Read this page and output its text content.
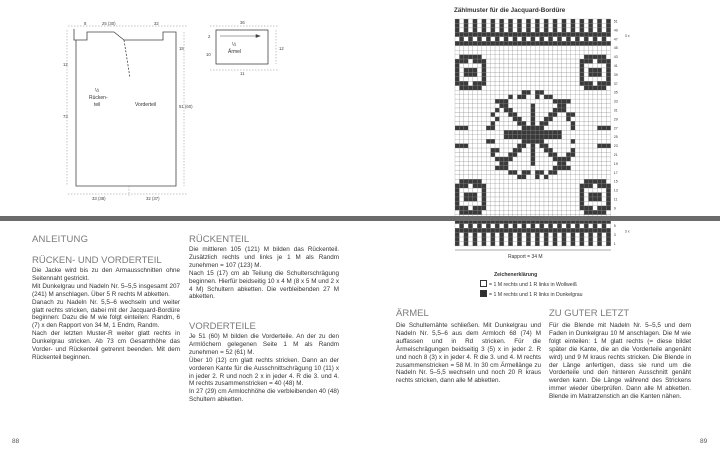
8	25 (30)	32
33 (38)	32 (37)
12
73
51 (60)
15
½
Rücken-
teil	Vorderteil
36
11
2
10
12
½
Ärmel
Zählmuster für die Jacquard-Bordüre
51
49
47
45
43
41
39
37
35
33
31
29
27
25
23
21
19
17
15
13
11
9
5
3
1
3 x
3 x
Rapport = 34 M
Zeichenerklärung
= 1 M rechts und 1 R links in Wollweiß
= 1 M rechts und 1 R links in Dunkelgrau
ANLEITUNG
RÜCKEN- UND VORDERTEIL

Die Jacke wird bis zu den Armausschnitten ohne Seitennaht gestrickt.

Mit Dunkelgrau und Nadeln Nr. 5–5,5 insgesamt 207 (241) M anschlagen. Über 5 R rechts M abketten.

Danach zu Nadeln Nr. 5,5–6 wechseln und weiter glatt rechts stricken, dabei mit der Jacquard-Bordüre beginnen: Dazu die M wie folgt einteilen: Randm, 6 (7) x den Rapport von 34 M, 1 Endm, Randm.

Nach der letzten Muster-R weiter glatt rechts in Dunkelgrau stricken. Ab 73 cm Gesamthöhe das Vorder- und Rückenteil getrennt beenden. Mit dem Rückenteil beginnen.

RÜCKENTEIL

Die mittleren 105 (121) M bilden das Rückenteil. Zusätzlich rechts und links je 1 M als Randm zunehmen = 107 (123) M.

Nach 15 (17) cm ab Teilung die Schulterschrägung beginnen. Hierfür beidseitig 10 x 4 M (8 x 5 M und 2 x 4 M) Schultern abketten. Die verbleibenden 27 M abketten.

VORDERTEILE

Je 51 (60) M bilden die Vorderteile. An der zu den Armlöchern gelegenen Seite 1 M als Randm zunehmen = 52 (61) M.

Über 10 (12) cm glatt rechts stricken. Dann an der vorderen Kante für die Ausschnittschrägung 10 (11) x in jeder 2. R und noch 2 x in jeder 4. R die 3. und 4. M rechts zusammenstricken = 40 (48) M.

In 27 (29) cm Armlochhöhe die verbleibenden 40 (48) Schultern abketten.

ÄRMEL

Die Schulternähte schließen. Mit Dunkelgrau und Nadeln Nr. 5,5–6 aus dem Armloch 68 (74) M auffassen und in Rd stricken. Für die Ärmelschrägungen beidseitig 3 (5) x in jeder 2. R und noch 8 (3) x in jeder 4. R die 3. und 4. M rechts zusammenstricken = 58 M. In 30 cm Ärmellänge zu Nadeln Nr. 5–5,5 wechseln und noch 20 R kraus rechts stricken, dann alle M abketten.

ZU GUTER LETZT

Für die Blende mit Nadeln Nr. 5–5,5 und dem Faden in Dunkelgrau 10 M anschlagen. Die M wie folgt einteilen: 1 M glatt rechts (= diese bildet später die Kante, die an die Vorderteile angenäht wird) und 9 M kraus rechts stricken. Die Blende in der Länge anfertigen, dass sie rund um die Vorderteile und den hinteren Ausschnitt genäht werden kann. Die Länge während des Strickens immer wieder überprüfen. Dann alle M abketten. Blende im Matratzenstich an die Kanten nähen.

88	89
